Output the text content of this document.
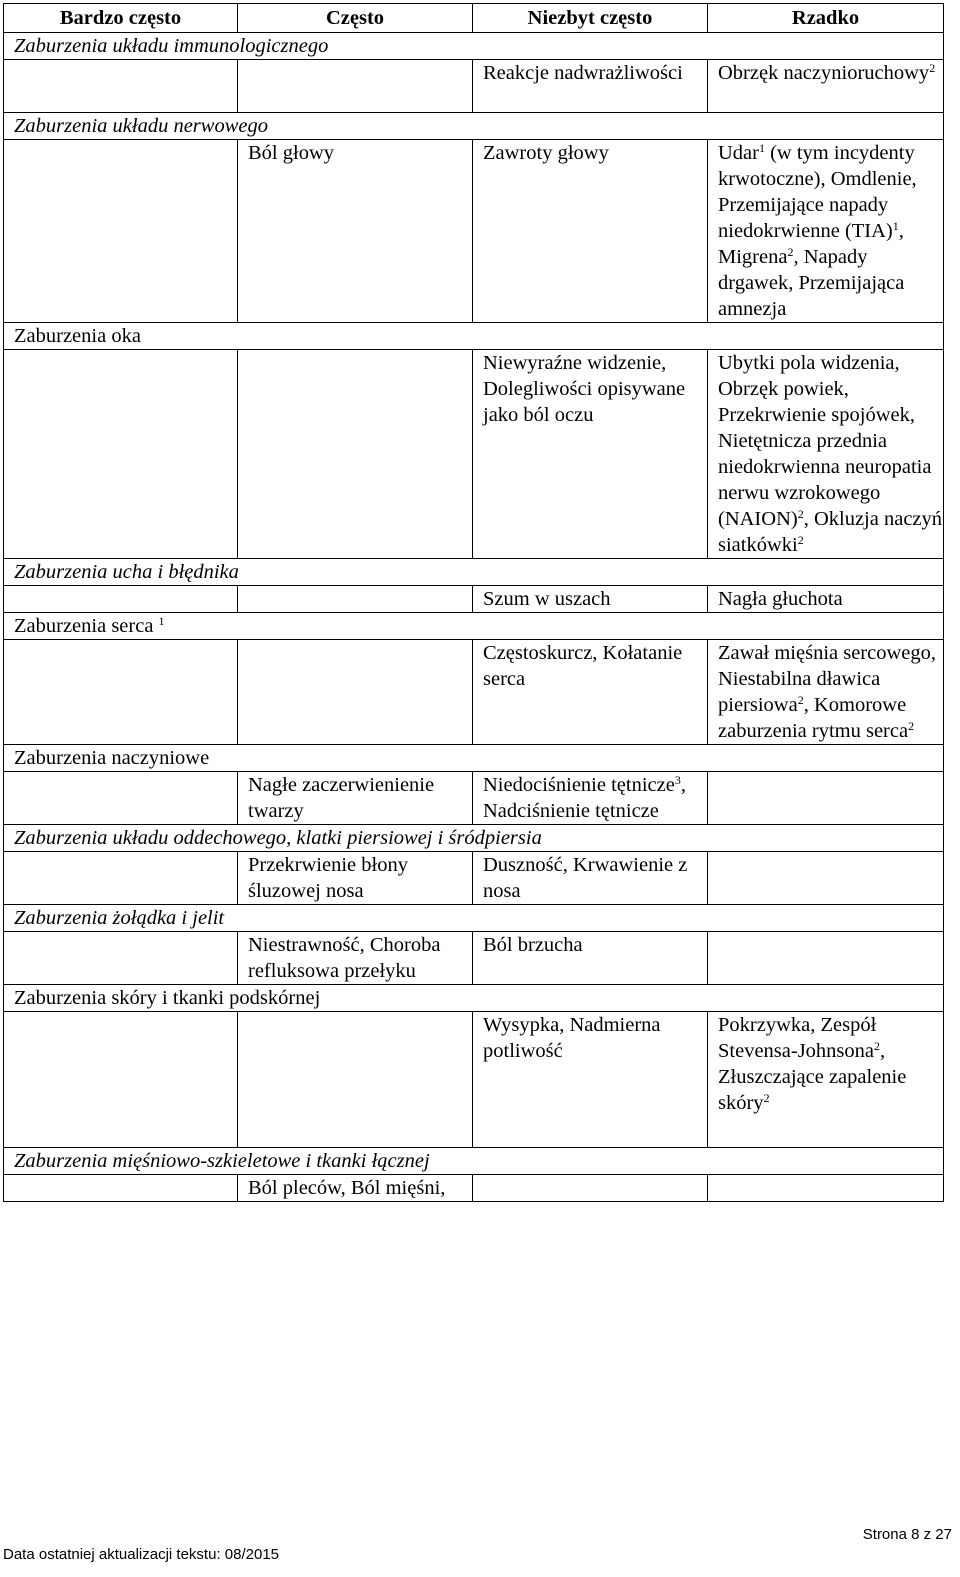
Bardzo często	Często	Niezbyt często	Rzadko
Zaburzenia układu immunologicznego			
		Reakcje nadwrażliwości	Obrzęk naczynioruchowy$^2$
Zaburzenia układu nerwowego			
	Ból głowy	Zawroty głowy	Udar$^1$ (w tym incydenty krwotoczne), Omdlenie, Przemijające napady niedokrwienne (TIA)$^1$, Migrena$^2$, Napady drgawek, Przemijająca amnezja
Zaburzenia oka			
		Niewyraźne widzenie, Dolegliwości opisywane jako ból oczu	Ubytki pola widzenia, Obrzęk powiek, Przekrwienie spojówek, Nietętnicza przednia niedokrwienna neuropatia nerwu wzrokowego (NAION)$^2$, Okluzja naczyń siatkówki$^2$
Zaburzenia ucha i błędnika			
		Szum w uszach	Nagła głuchota
Zaburzenia serca $^1$
		Częstoskurcz, Kołatanie serca	Zawał mięśnia sercowego, Niestabilna dławica piersiowa$^2$, Komorowe zaburzenia rytmu serca$^2$
Zaburzenia naczyniowe			
	Nagłe zaczerwienienie twarzy	Niedociśnienie tętnicze$^3$, Nadciśnienie tętnicze	
Zaburzenia układu oddechowego, klatki piersiowej i śródpiersia			
	Przekrwienie błony śluzowej nosa	Duszność, Krwawienie z nosa	
Zaburzenia żołądka i jelit			
	Niestrawność, Choroba refluksowa przełyku	Ból brzucha	
Zaburzenia skóry i tkanki podskórnej			
		Wysypka, Nadmierna potliwość	Pokrzywka, Zespół Stevensa-Johnsona$^2$, Złuszczające zapalenie skóry$^2$
Zaburzenia mięśniowo-szkieletowe i tkanki łącznej			
	Ból pleców, Ból mięśni,		
Strona 8 z 27
Data ostatniej aktualizacji tekstu: 08/2015
